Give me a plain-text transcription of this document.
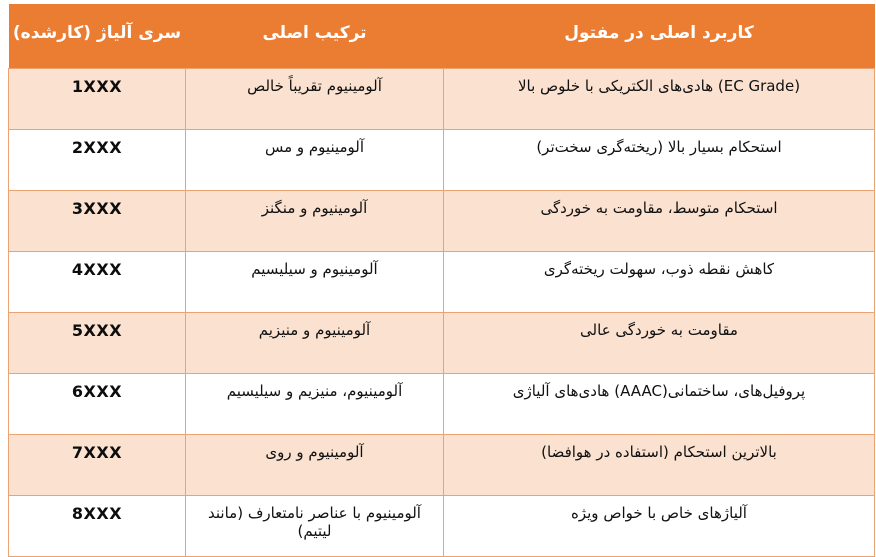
سری آلیاژ (کارشده)	ترکیب اصلی	کاربرد اصلی در مفتول
1XXX	آلومینیوم تقریباً خالص	(EC Grade) هادی‌های الکتریکی با خلوص بالا
2XXX	آلومینیوم و مس	استحکام بسیار بالا (ریخته‌گری سخت‌تر)
3XXX	آلومینیوم و منگنز	استحکام متوسط، مقاومت به خوردگی
4XXX	آلومینیوم و سیلیسیم	کاهش نقطه ذوب، سهولت ریخته‌گری
5XXX	آلومینیوم و منیزیم	مقاومت به خوردگی عالی
6XXX	آلومینیوم، منیزیم و سیلیسیم	پروفیل‌های، ساختمانی(AAAC) هادی‌های آلیاژی
7XXX	آلومینیوم و روی	بالاترین استحکام (استفاده در هوافضا)
8XXX	آلومینیوم با عناصر نامتعارف (مانند لیتیم)	آلیاژهای خاص با خواص ویژه
